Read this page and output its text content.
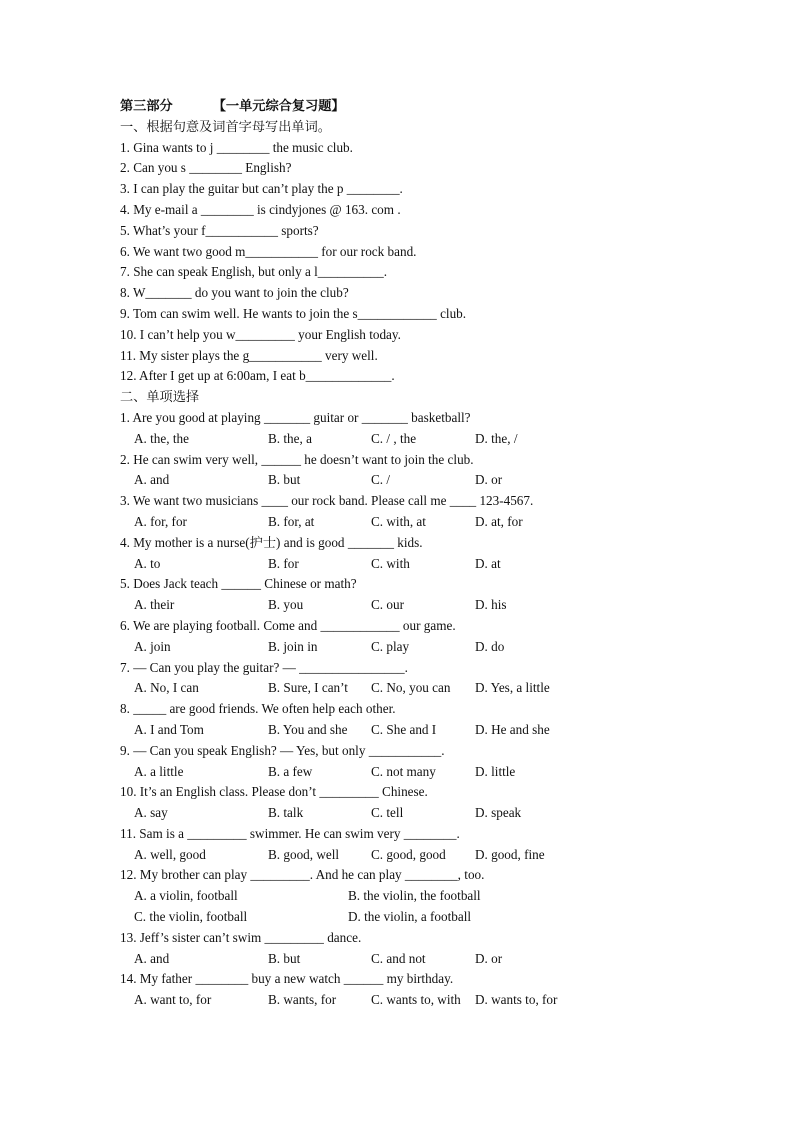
第三部分	【一单元综合复习题】
一、根据句意及词首字母写出单词。
1. Gina wants to j ________ the music club.
2. Can you s ________ English?
3. I can play the guitar but can’t play the p ________.
4. My e-mail a ________ is cindyjones @ 163. com .
5. What’s your f___________ sports?
6. We want two good m___________ for our rock band.
7. She can speak English, but only a l__________.
8. W_______ do you want to join the club?
9. Tom can swim well. He wants to join the s____________ club.
10. I can’t help you w_________ your English today.
11. My sister plays the g___________ very well.
12. After I get up at 6:00am, I eat b_____________.
二、单项选择
1. Are you good at playing _______ guitar or _______ basketball?
A. the, the	B. the, a	C. / , the	D. the, /
2. He can swim very well, ______ he doesn’t want to join the club.
A. and	B. but	C. /	D. or
3. We want two musicians ____ our rock band. Please call me ____ 123-4567.
A. for, for	B. for, at	C. with, at	D. at, for
4. My mother is a nurse(护士) and is good _______ kids.
A. to	B. for	C. with	D. at
5. Does Jack teach ______ Chinese or math?
A. their	B. you	C. our	D. his
6. We are playing football. Come and ____________ our game.
A. join	B. join in	C. play	D. do
7. — Can you play the guitar? — ________________.
A. No, I can	B. Sure, I can’t C. No, you can D. Yes, a little
8. _____ are good friends. We often help each other.
A. I and Tom	B. You and she C. She and I	D. He and she
9. — Can you speak English? — Yes, but only ___________.
A. a little	B. a few	C. not many	D. little
10. It’s an English class. Please don’t _________ Chinese.
A. say	B. talk	C. tell	D. speak
11. Sam is a _________ swimmer. He can swim very ________.
A. well, good	B. good, well C. good, good D. good, fine
12. My brother can play _________. And he can play ________, too.
A. a violin, football	B. the violin, the football
C. the violin, football	D. the violin, a football
13. Jeff’s sister can’t swim _________ dance.
A. and	B. but	C. and not	D. or
14. My father ________ buy a new watch ______ my birthday.
A. want to, for	B. wants, for	C. wants to, with D. wants to, for
